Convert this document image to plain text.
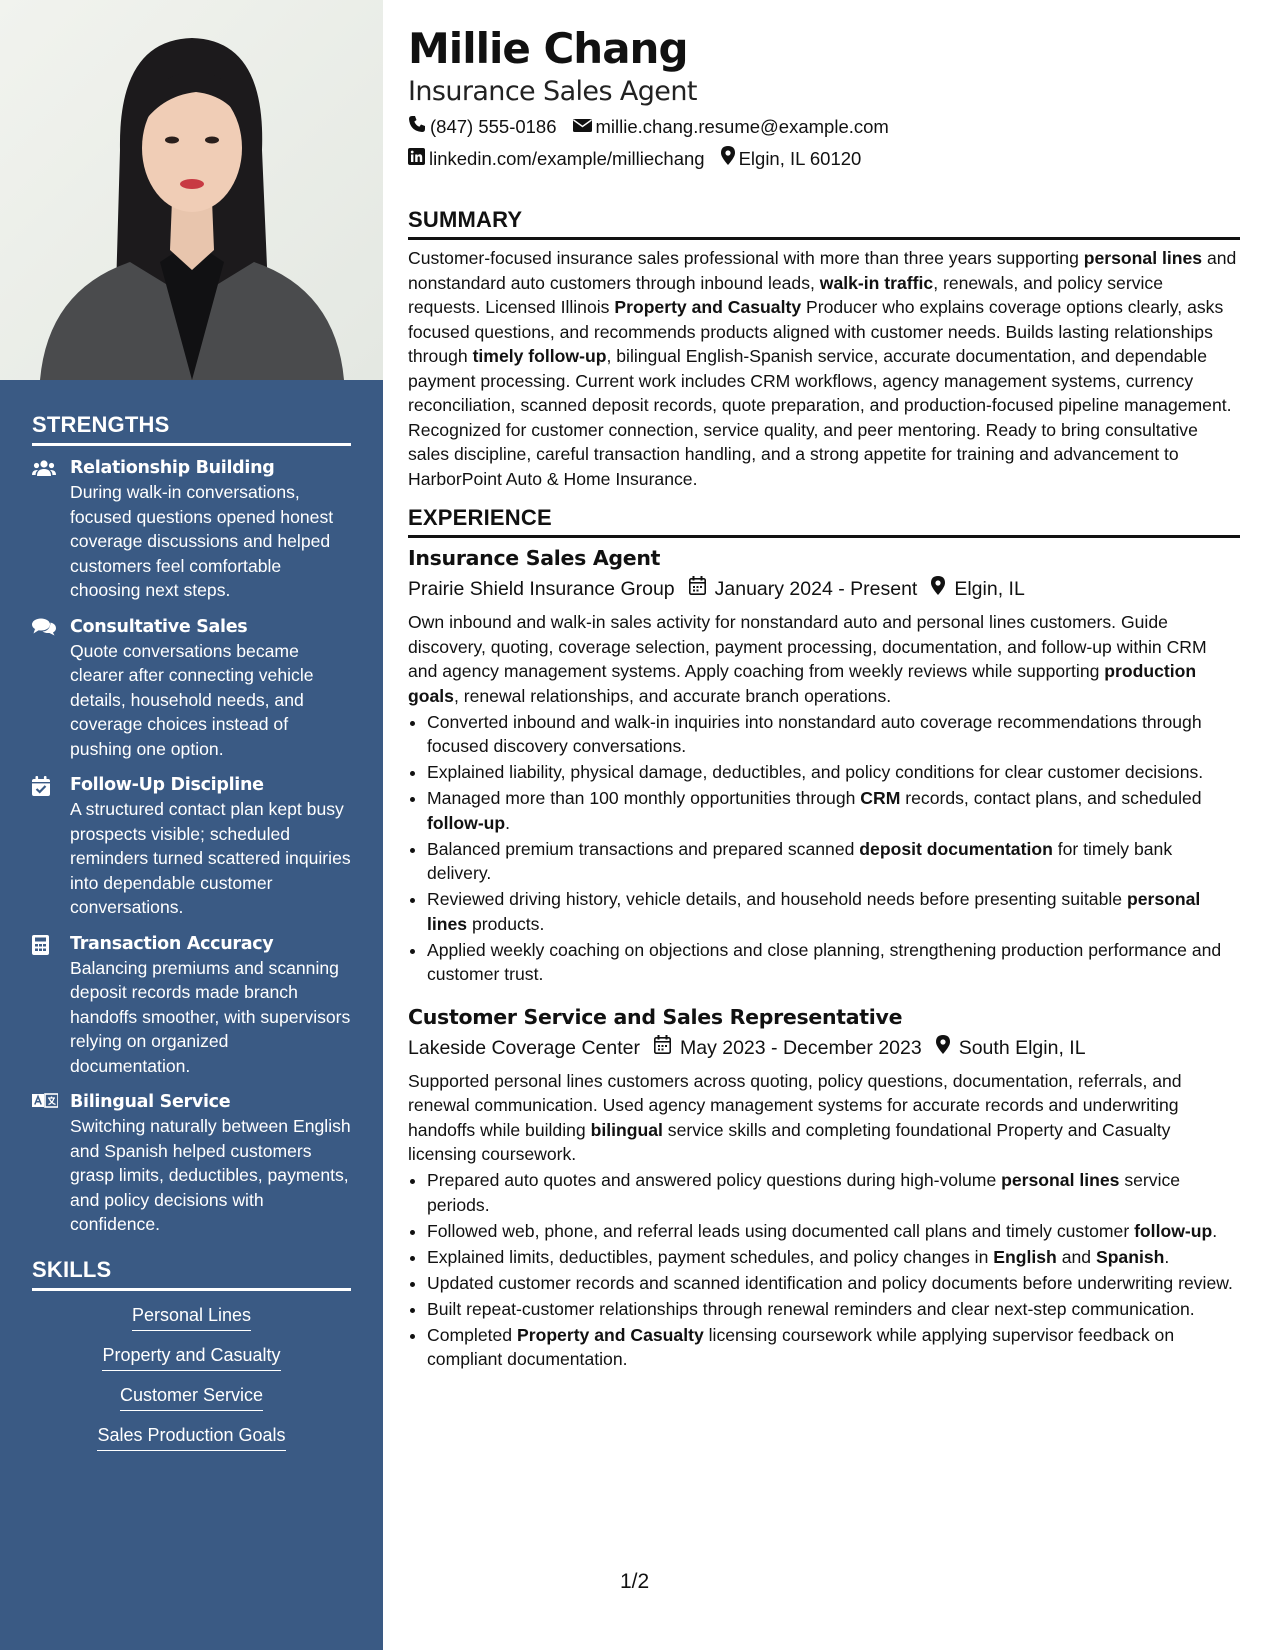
STRENGTHS
Relationship Building
During walk-in conversations, focused questions opened honest coverage discussions and helped customers feel comfortable choosing next steps.
Consultative Sales
Quote conversations became clearer after connecting vehicle details, household needs, and coverage choices instead of pushing one option.
Follow-Up Discipline
A structured contact plan kept busy prospects visible; scheduled reminders turned scattered inquiries into dependable customer conversations.
Transaction Accuracy
Balancing premiums and scanning deposit records made branch handoffs smoother, with supervisors relying on organized documentation.
Bilingual Service
Switching naturally between English and Spanish helped customers grasp limits, deductibles, payments, and policy decisions with confidence.
SKILLS
Personal Lines
Property and Casualty
Customer Service
Sales Production Goals
Millie Chang
Insurance Sales Agent
(847) 555-0186 millie.chang.resume@example.com
linkedin.com/example/milliechang Elgin, IL 60120
SUMMARY

Customer-focused insurance sales professional with more than three years supporting personal lines and nonstandard auto customers through inbound leads, walk-in traffic, renewals, and policy service requests. Licensed Illinois Property and Casualty Producer who explains coverage options clearly, asks focused questions, and recommends products aligned with customer needs. Builds lasting relationships through timely follow-up, bilingual English-Spanish service, accurate documentation, and dependable payment processing. Current work includes CRM workflows, agency management systems, currency reconciliation, scanned deposit records, quote preparation, and production-focused pipeline management. Recognized for customer connection, service quality, and peer mentoring. Ready to bring consultative sales discipline, careful transaction handling, and a strong appetite for training and advancement to HarborPoint Auto & Home Insurance.

EXPERIENCE
Insurance Sales Agent
Prairie Shield Insurance Group January 2024 - Present Elgin, IL

Own inbound and walk-in sales activity for nonstandard auto and personal lines customers. Guide discovery, quoting, coverage selection, payment processing, documentation, and follow-up within CRM and agency management systems. Apply coaching from weekly reviews while supporting production goals, renewal relationships, and accurate branch operations.

• Converted inbound and walk-in inquiries into nonstandard auto coverage recommendations through focused discovery conversations.
• Explained liability, physical damage, deductibles, and policy conditions for clear customer decisions.
• Managed more than 100 monthly opportunities through CRM records, contact plans, and scheduled follow-up.
• Balanced premium transactions and prepared scanned deposit documentation for timely bank delivery.
• Reviewed driving history, vehicle details, and household needs before presenting suitable personal lines products.
• Applied weekly coaching on objections and close planning, strengthening production performance and customer trust.
Customer Service and Sales Representative
Lakeside Coverage Center May 2023 - December 2023 South Elgin, IL

Supported personal lines customers across quoting, policy questions, documentation, referrals, and renewal communication. Used agency management systems for accurate records and underwriting handoffs while building bilingual service skills and completing foundational Property and Casualty licensing coursework.

• Prepared auto quotes and answered policy questions during high-volume personal lines service periods.
• Followed web, phone, and referral leads using documented call plans and timely customer follow-up.
• Explained limits, deductibles, payment schedules, and policy changes in English and Spanish.
• Updated customer records and scanned identification and policy documents before underwriting review.
• Built repeat-customer relationships through renewal reminders and clear next-step communication.
• Completed Property and Casualty licensing coursework while applying supervisor feedback on compliant documentation.
1/2
